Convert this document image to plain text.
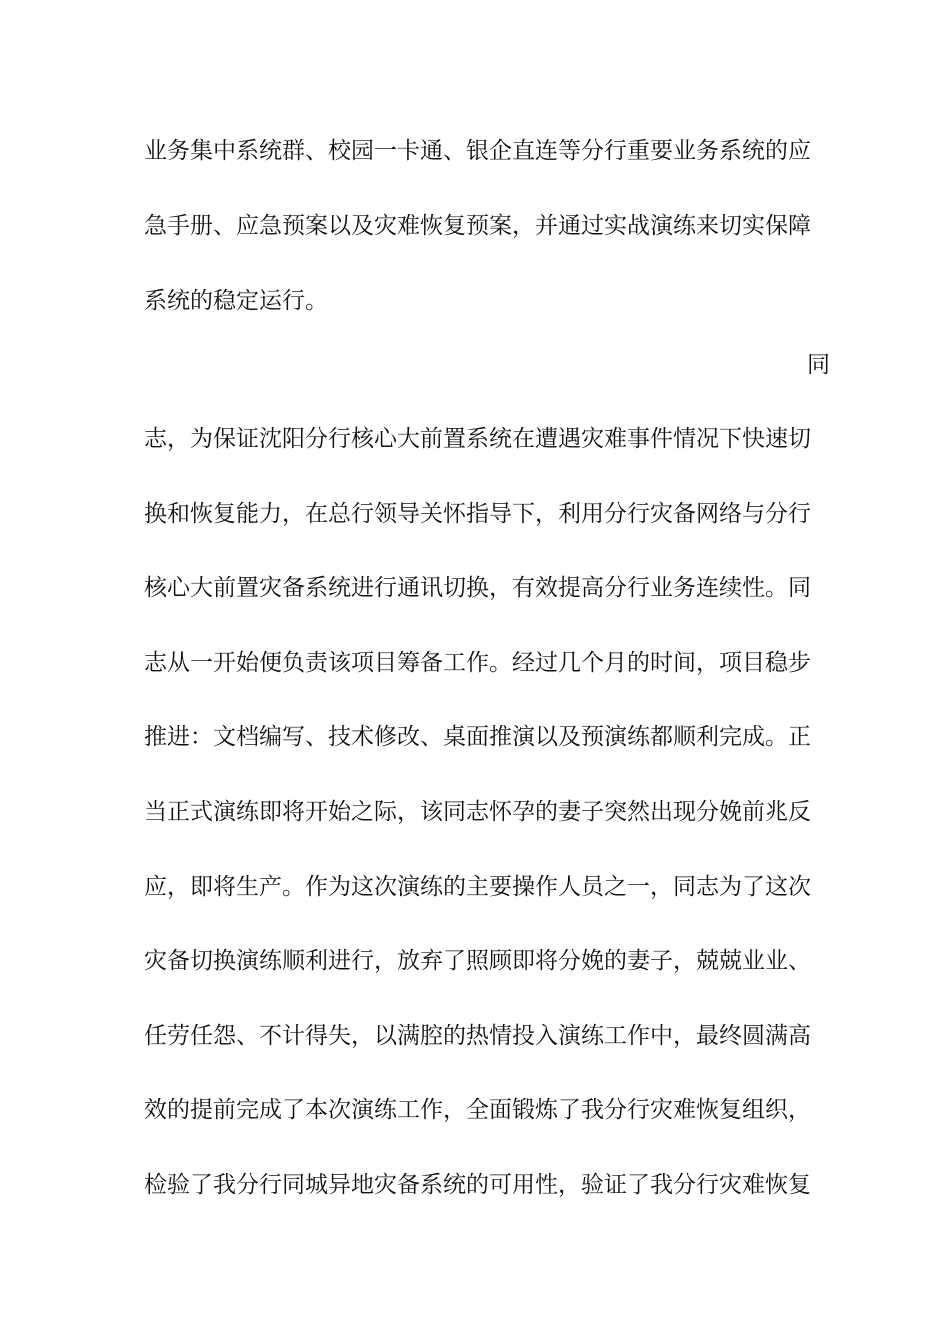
业务集中系统群、校园一卡通、银企直连等分行重要业务系统的应
急手册、应急预案以及灾难恢复预案，并通过实战演练来切实保障
系统的稳定运行。
同
志，为保证沈阳分行核心大前置系统在遭遇灾难事件情况下快速切
换和恢复能力，在总行领导关怀指导下，利用分行灾备网络与分行
核心大前置灾备系统进行通讯切换，有效提高分行业务连续性。同
志从一开始便负责该项目筹备工作。经过几个月的时间，项目稳步
推进：文档编写、技术修改、桌面推演以及预演练都顺利完成。正
当正式演练即将开始之际，该同志怀孕的妻子突然出现分娩前兆反
应，即将生产。作为这次演练的主要操作人员之一，同志为了这次
灾备切换演练顺利进行，放弃了照顾即将分娩的妻子，兢兢业业、
任劳任怨、不计得失，以满腔的热情投入演练工作中，最终圆满高
效的提前完成了本次演练工作，全面锻炼了我分行灾难恢复组织，
检验了我分行同城异地灾备系统的可用性，验证了我分行灾难恢复
